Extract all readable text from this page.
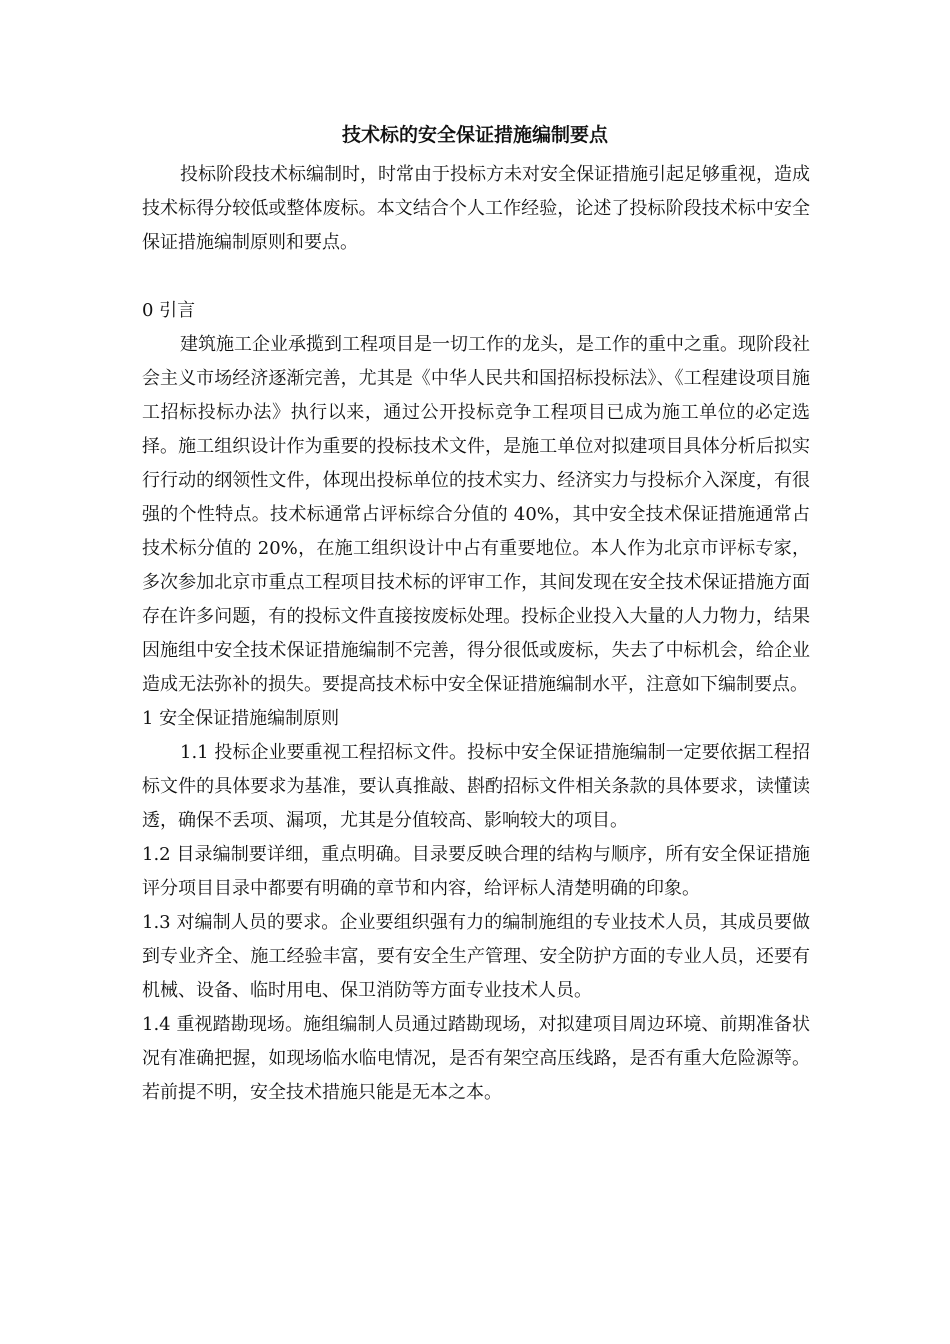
技术标的安全保证措施编制要点

投标阶段技术标编制时，时常由于投标方未对安全保证措施引起足够重视，造成技术标得分较低或整体废标。本文结合个人工作经验，论述了投标阶段技术标中安全保证措施编制原则和要点。

0 引言

建筑施工企业承揽到工程项目是一切工作的龙头，是工作的重中之重。现阶段社会主义市场经济逐渐完善，尤其是《中华人民共和国招标投标法》、《工程建设项目施工招标投标办法》执行以来，通过公开投标竞争工程项目已成为施工单位的必定选择。施工组织设计作为重要的投标技术文件，是施工单位对拟建项目具体分析后拟实行行动的纲领性文件，体现出投标单位的技术实力、经济实力与投标介入深度，有很强的个性特点。技术标通常占评标综合分值的 40%，其中安全技术保证措施通常占技术标分值的 20%，在施工组织设计中占有重要地位。本人作为北京市评标专家，多次参加北京市重点工程项目技术标的评审工作，其间发现在安全技术保证措施方面存在许多问题，有的投标文件直接按废标处理。投标企业投入大量的人力物力，结果因施组中安全技术保证措施编制不完善，得分很低或废标，失去了中标机会，给企业造成无法弥补的损失。要提高技术标中安全保证措施编制水平，注意如下编制要点。

1 安全保证措施编制原则

1.1 投标企业要重视工程招标文件。投标中安全保证措施编制一定要依据工程招标文件的具体要求为基准，要认真推敲、斟酌招标文件相关条款的具体要求，读懂读透，确保不丢项、漏项，尤其是分值较高、影响较大的项目。

1.2 目录编制要详细，重点明确。目录要反映合理的结构与顺序，所有安全保证措施评分项目目录中都要有明确的章节和内容，给评标人清楚明确的印象。

1.3 对编制人员的要求。企业要组织强有力的编制施组的专业技术人员，其成员要做到专业齐全、施工经验丰富，要有安全生产管理、安全防护方面的专业人员，还要有机械、设备、临时用电、保卫消防等方面专业技术人员。

1.4 重视踏勘现场。施组编制人员通过踏勘现场，对拟建项目周边环境、前期准备状况有准确把握，如现场临水临电情况，是否有架空高压线路，是否有重大危险源等。若前提不明，安全技术措施只能是无本之本。
